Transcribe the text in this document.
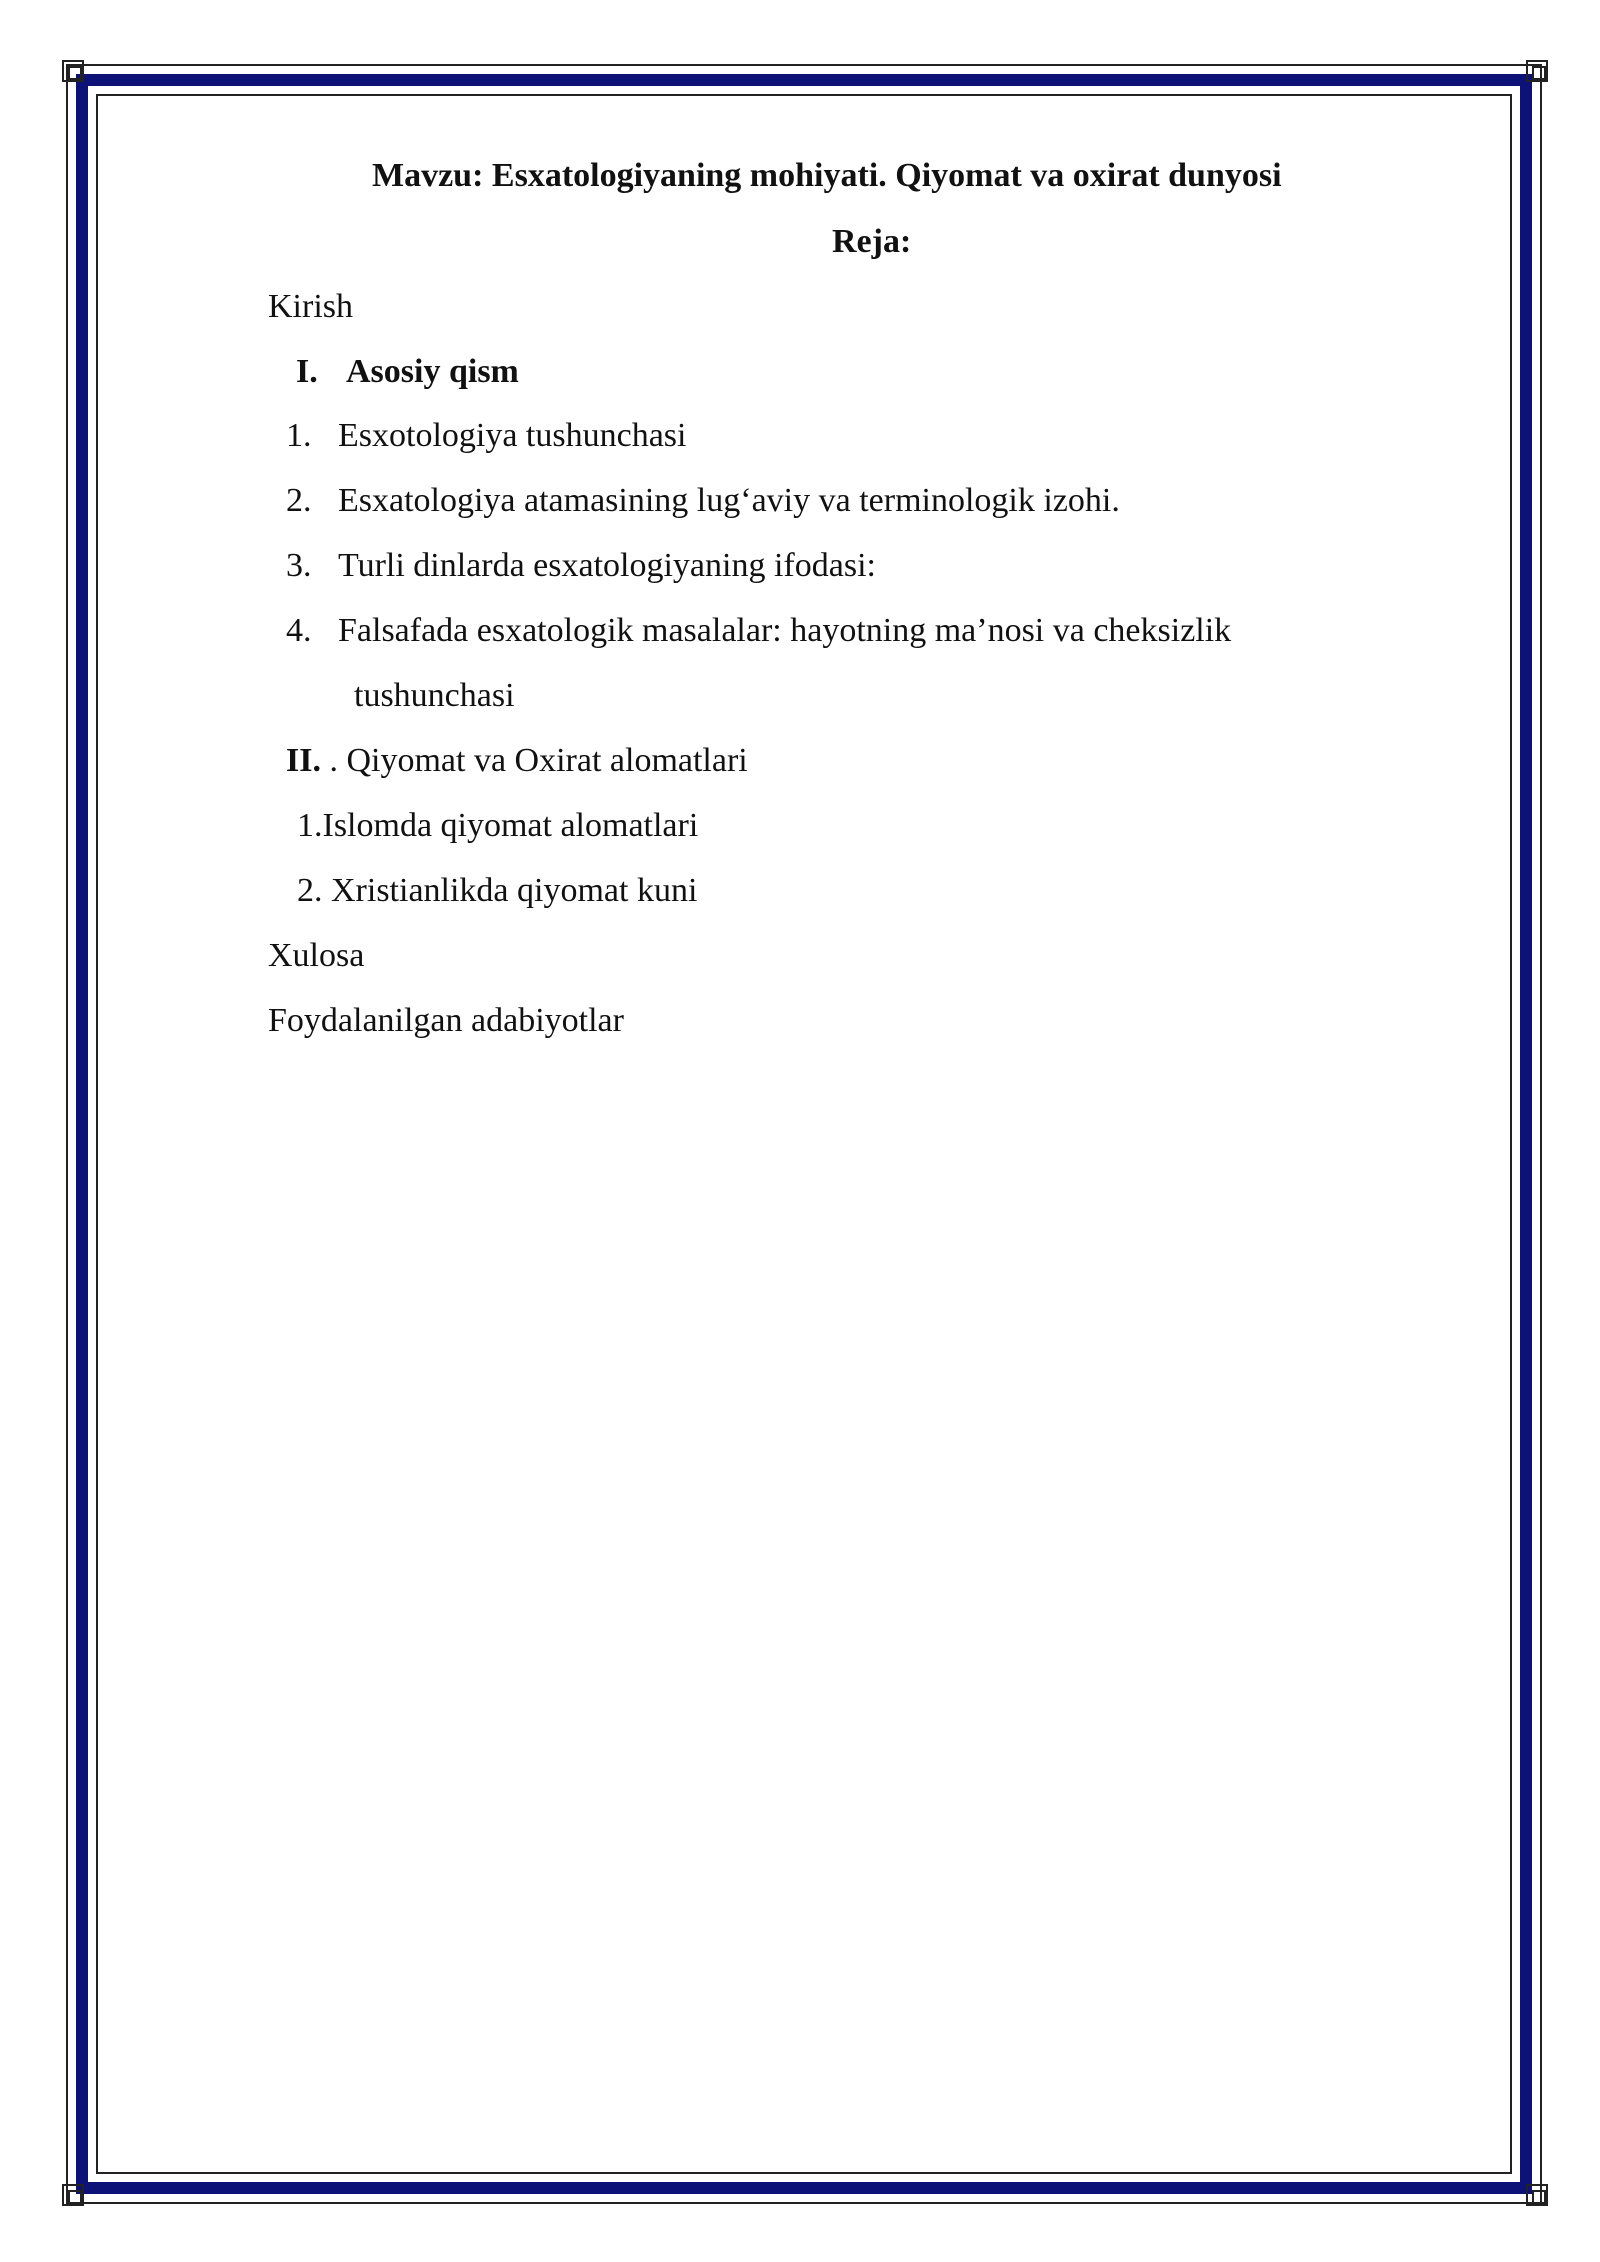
Mavzu: Esxatologiyaning mohiyati. Qiyomat va oxirat dunyosi
Reja:
Kirish
I. Asosiy qism
1. Esxotologiya tushunchasi
2. Esxatologiya atamasining lug‘aviy va terminologik izohi.
3. Turli dinlarda esxatologiyaning ifodasi:
4. Falsafada esxatologik masalalar: hayotning ma’nosi va cheksizlik
tushunchasi
II. . Qiyomat va Oxirat alomatlari
1.Islomda qiyomat alomatlari
2. Xristianlikda qiyomat kuni
Xulosa
Foydalanilgan adabiyotlar
